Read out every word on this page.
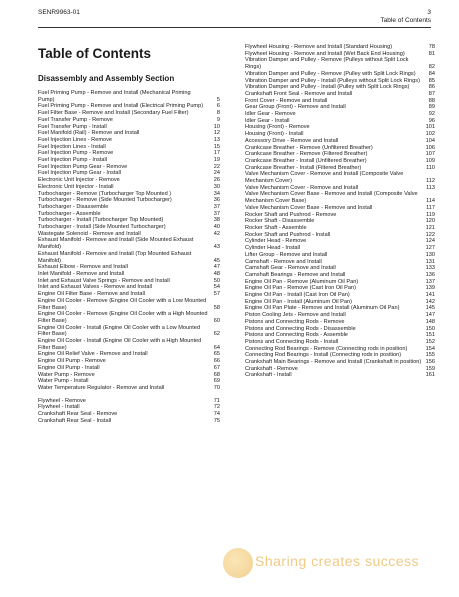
SENR9963-01	3
Table of Contents
Table of Contents
Disassembly and Assembly Section
Fuel Priming Pump - Remove and Install (Mechanical Priming Pump)	5
Fuel Priming Pump - Remove and Install (Electrical Priming Pump)	6
Fuel Filter Base - Remove and Install (Secondary Fuel Filter)	8
Fuel Transfer Pump - Remove	9
Fuel Transfer Pump - Install	10
Fuel Manifold (Rail) - Remove and Install	12
Fuel Injection Lines - Remove	13
Fuel Injection Lines - Install	15
Fuel Injection Pump - Remove	17
Fuel Injection Pump - Install	19
Fuel Injection Pump Gear - Remove	22
Fuel Injection Pump Gear - Install	24
Electronic Unit Injector - Remove	26
Electronic Unit Injector - Install	30
Turbocharger - Remove (Turbocharger Top Mounted )	34
Turbocharger - Remove (Side Mounted Turbocharger)	36
Turbocharger - Disassemble	37
Turbocharger - Assemble	37
Turbocharger - Install (Turbocharger Top Mounted)	38
Turbocharger - Install (Side Mounted Turbocharger)	40
Wastegate Solenoid - Remove and Install	42
Exhaust Manifold - Remove and Install (Side Mounted Exhaust Manifold)	43
Exhaust Manifold - Remove and Install (Top Mounted Exhaust Manifold)	45
Exhaust Elbow - Remove and Install	47
Inlet Manifold - Remove and Install	48
Inlet and Exhaust Valve Springs - Remove and Install	50
Inlet and Exhaust Valves - Remove and Install	54
Engine Oil Filter Base - Remove and Install	57
Engine Oil Cooler - Remove (Engine Oil Cooler with a Low Mounted Filter Base)	58
Engine Oil Cooler - Remove (Engine Oil Cooler with a High Mounted Filter Base)	60
Engine Oil Cooler - Install (Engine Oil Cooler with a Low Mounted Filter Base)	62
Engine Oil Cooler - Install (Engine Oil Cooler with a High Mounted Filter Base)	64
Engine Oil Relief Valve - Remove and Install	65
Engine Oil Pump - Remove	66
Engine Oil Pump - Install	67
Water Pump - Remove	68
Water Pump - Install	69
Water Temperature Regulator - Remove and Install	70
Flywheel - Remove	71
Flywheel - Install	72
Crankshaft Rear Seal - Remove	74
Crankshaft Rear Seal - Install	75
Flywheel Housing - Remove and Install (Standard Housing)	78
Flywheel Housing - Remove and Install (Wet Back End Housing)	81
Vibration Damper and Pulley - Remove (Pulleys without Split Lock Rings)	82
Vibration Damper and Pulley - Remove (Pulley with Split Lock Rings)	84
Vibration Damper and Pulley - Install (Pulleys without Split Lock Rings)	85
Vibration Damper and Pulley - Install (Pulley with Split Lock Rings)	86
Crankshaft Front Seal - Remove and Install	87
Front Cover - Remove and Install	88
Gear Group (Front) - Remove and Install	89
Idler Gear - Remove	92
Idler Gear - Install	96
Housing (Front) - Remove	101
Housing (Front) - Install	102
Accessory Drive - Remove and Install	104
Crankcase Breather - Remove (Unfiltered Breather)	106
Crankcase Breather - Remove (Filtered Breather)	107
Crankcase Breather - Install (Unfiltered Breather)	109
Crankcase Breather - Install (Filtered Breather)	110
Valve Mechanism Cover - Remove and Install (Composite Valve Mechanism Cover)	112
Valve Mechanism Cover - Remove and Install	113
Valve Mechanism Cover Base - Remove and Install (Composite Valve Mechanism Cover Base)	114
Valve Mechanism Cover Base - Remove and Install	117
Rocker Shaft and Pushrod - Remove	119
Rocker Shaft - Disassemble	120
Rocker Shaft - Assemble	121
Rocker Shaft and Pushrod - Install	122
Cylinder Head - Remove	124
Cylinder Head - Install	127
Lifter Group - Remove and Install	130
Camshaft - Remove and Install	131
Camshaft Gear - Remove and Install	133
Camshaft Bearings - Remove and Install	136
Engine Oil Pan - Remove (Aluminum Oil Pan)	137
Engine Oil Pan - Remove (Cast Iron Oil Pan)	139
Engine Oil Pan - Install (Cast Iron Oil Pan)	141
Engine Oil Pan - Install (Aluminum Oil Pan)	142
Engine Oil Pan Plate - Remove and Install (Aluminum Oil Pan)	145
Piston Cooling Jets - Remove and Install	147
Pistons and Connecting Rods - Remove	148
Pistons and Connecting Rods - Disassemble	150
Pistons and Connecting Rods - Assemble	151
Pistons and Connecting Rods - Install	152
Connecting Rod Bearings - Remove (Connecting rods in position)	154
Connecting Rod Bearings - Install (Connecting rods in position)	155
Crankshaft Main Bearings - Remove and Install (Crankshaft in position) 156
Crankshaft - Remove	159
Crankshaft - Install	161
Sharing creates success
